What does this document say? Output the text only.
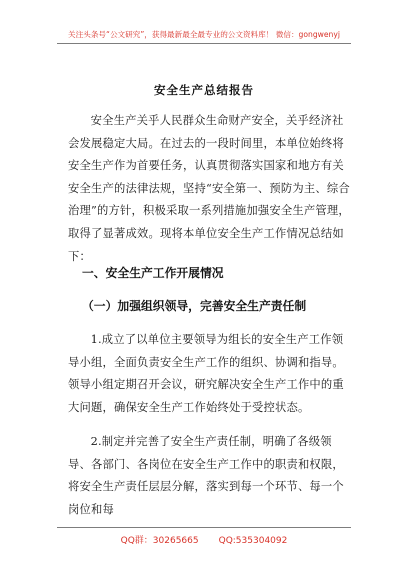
关注头条号“公文研究”，获得最新最全最专业的公文资料库！ 微信：gongwenyj
安全生产总结报告
安全生产关乎人民群众生命财产安全，关乎经济社会发展稳定大局。在过去的一段时间里，本单位始终将安全生产作为首要任务，认真贯彻落实国家和地方有关安全生产的法律法规，坚持“安全第一、预防为主、综合治理”的方针，积极采取一系列措施加强安全生产管理，取得了显著成效。现将本单位安全生产工作情况总结如下：
一、安全生产工作开展情况
（一）加强组织领导，完善安全生产责任制
1.成立了以单位主要领导为组长的安全生产工作领导小组，全面负责安全生产工作的组织、协调和指导。领导小组定期召开会议，研究解决安全生产工作中的重大问题，确保安全生产工作始终处于受控状态。
2.制定并完善了安全生产责任制，明确了各级领导、各部门、各岗位在安全生产工作中的职责和权限，将安全生产责任层层分解，落实到每一个环节、每一个岗位和每
QQ群：30265665 QQ:535304092
